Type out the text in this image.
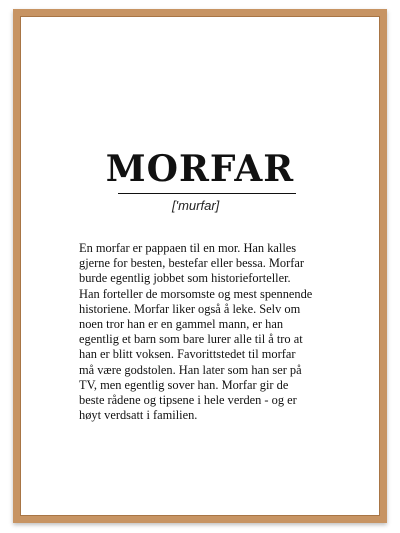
MORFAR
['murfar]
En morfar er pappaen til en mor. Han kalles
gjerne for besten, bestefar eller bessa. Morfar
burde egentlig jobbet som historieforteller.
Han forteller de morsomste og mest spennende
historiene. Morfar liker også å leke. Selv om
noen tror han er en gammel mann, er han
egentlig et barn som bare lurer alle til å tro at
han er blitt voksen. Favorittstedet til morfar
må være godstolen. Han later som han ser på
TV, men egentlig sover han. Morfar gir de
beste rådene og tipsene i hele verden - og er
høyt verdsatt i familien.
